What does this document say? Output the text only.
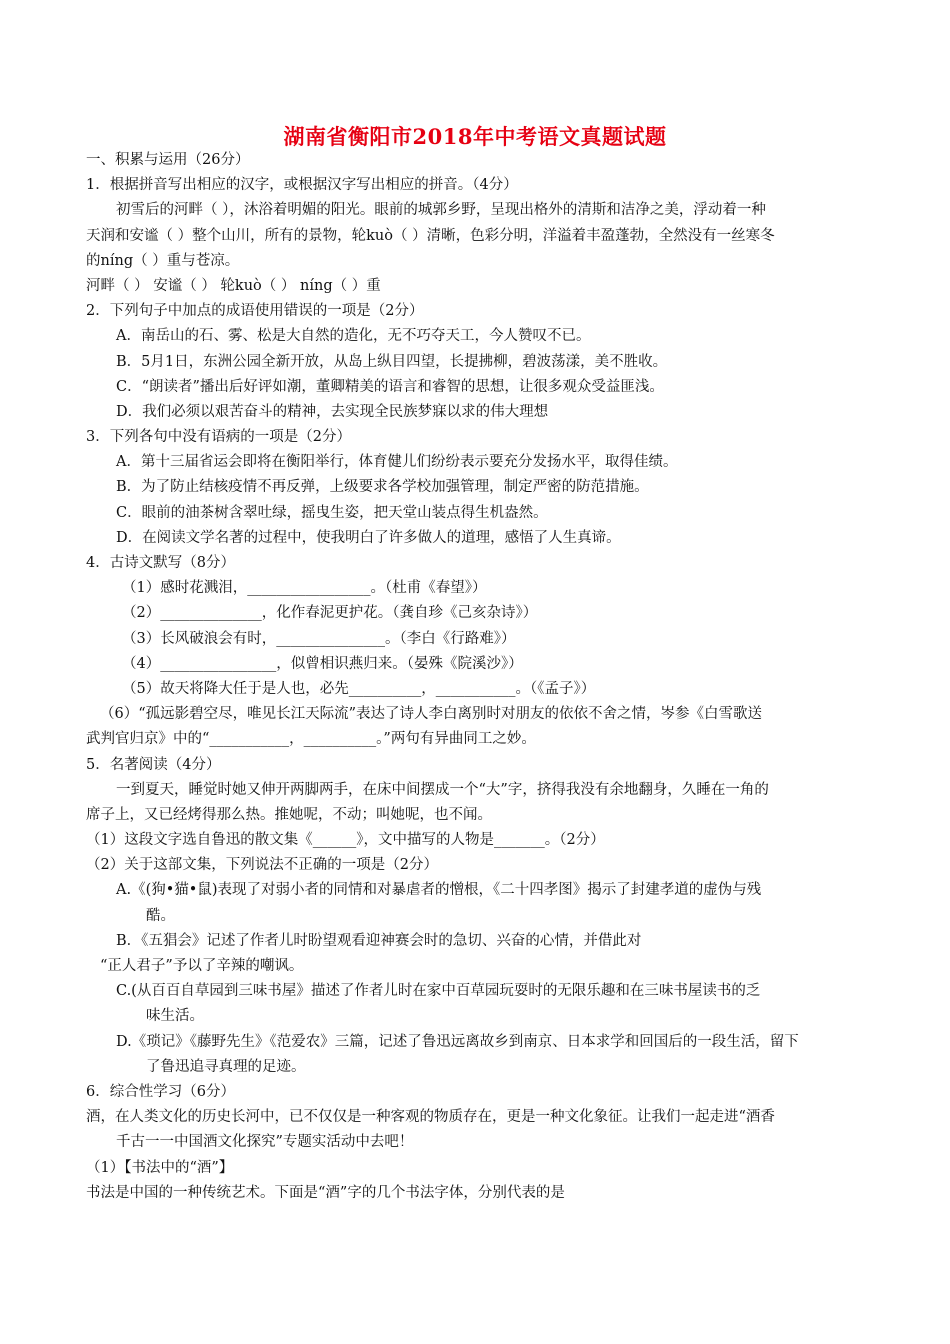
湖南省衡阳市2018年中考语文真题试题
一、积累与运用（26分）
1．根据拼音写出相应的汉字，或根据汉字写出相应的拼音。（4分）
初雪后的河畔（ ），沐浴着明媚的阳光。眼前的城郭乡野，呈现出格外的清斯和洁净之美，浮动着一种
天润和安谧（ ）整个山川，所有的景物，轮kuò（ ）清晰，色彩分明，洋溢着丰盈蓬勃，全然没有一丝寒冬
的níng（ ）重与苍凉。
河畔（ ） 安谧（ ） 轮kuò（ ） níng（ ）重
2．下列句子中加点的成语使用错误的一项是（2分）
A．南岳山的石、雾、松是大自然的造化，无不巧夺天工，今人赞叹不已。
B．5月1日，东洲公园全新开放，从岛上纵目四望，长提拂柳，碧波荡漾，美不胜收。
C．“朗读者”播出后好评如潮，董卿精美的语言和睿智的思想，让很多观众受益匪浅。
D．我们必须以艰苦奋斗的精神，去实现全民族梦寐以求的伟大理想
3．下列各句中没有语病的一项是（2分）
A．第十三届省运会即将在衡阳举行，体育健儿们纷纷表示要充分发扬水平，取得佳绩。
B．为了防止结核疫情不再反弹，上级要求各学校加强管理，制定严密的防范措施。
C．眼前的油茶树含翠吐绿，摇曳生姿，把天堂山装点得生机盎然。
D．在阅读文学名著的过程中，使我明白了许多做人的道理，感悟了人生真谛。
4．古诗文默写（8分）
（1）感时花溅泪，_________________。（杜甫《春望》）
（2）______________，化作春泥更护花。（龚自珍《己亥杂诗》）
（3）长风破浪会有时，_______________。（李白《行路难》）
（4）________________，似曾相识燕归来。（晏殊《院溪沙》）
（5）故天将降大任于是人也，必先__________，___________。（《孟子》）
（6）“孤远影碧空尽，唯见长江天际流”表达了诗人李白离别时对朋友的依依不舍之情，岑参《白雪歌送
武判官归京》中的“___________，__________。”两句有异曲同工之妙。
5．名著阅读（4分）
一到夏天，睡觉时她又伸开两脚两手，在床中间摆成一个“大”字，挤得我没有余地翻身，久睡在一角的
席子上，又已经烤得那么热。推她呢，不动；叫她呢，也不闻。
（1）这段文字选自鲁迅的散文集《______》，文中描写的人物是_______。（2分）
（2）关于这部文集，下列说法不正确的一项是（2分）
A.《(狗•猫•鼠)表现了对弱小者的同情和对暴虐者的憎根，《二十四孝图》揭示了封建孝道的虚伪与残
酷。
B．《五猖会》记述了作者儿时盼望观看迎神赛会时的急切、兴奋的心情，并借此对
“正人君子”予以了辛辣的嘲讽。
C.(从百百自草园到三味书屋》描述了作者儿时在家中百草园玩耍时的无限乐趣和在三味书屋读书的乏
味生活。
D.《琐记》《藤野先生》《范爱农》三篇，记述了鲁迅远离故乡到南京、日本求学和回国后的一段生活，留下
了鲁迅追寻真理的足迹。
6．综合性学习（6分）
酒，在人类文化的历史长河中，已不仅仅是一种客观的物质存在，更是一种文化象征。让我们一起走进“酒香
千古一一中国酒文化探究”专题实活动中去吧！
（1）【书法中的“酒”】
书法是中国的一种传统艺术。下面是“酒”字的几个书法字体，分别代表的是
